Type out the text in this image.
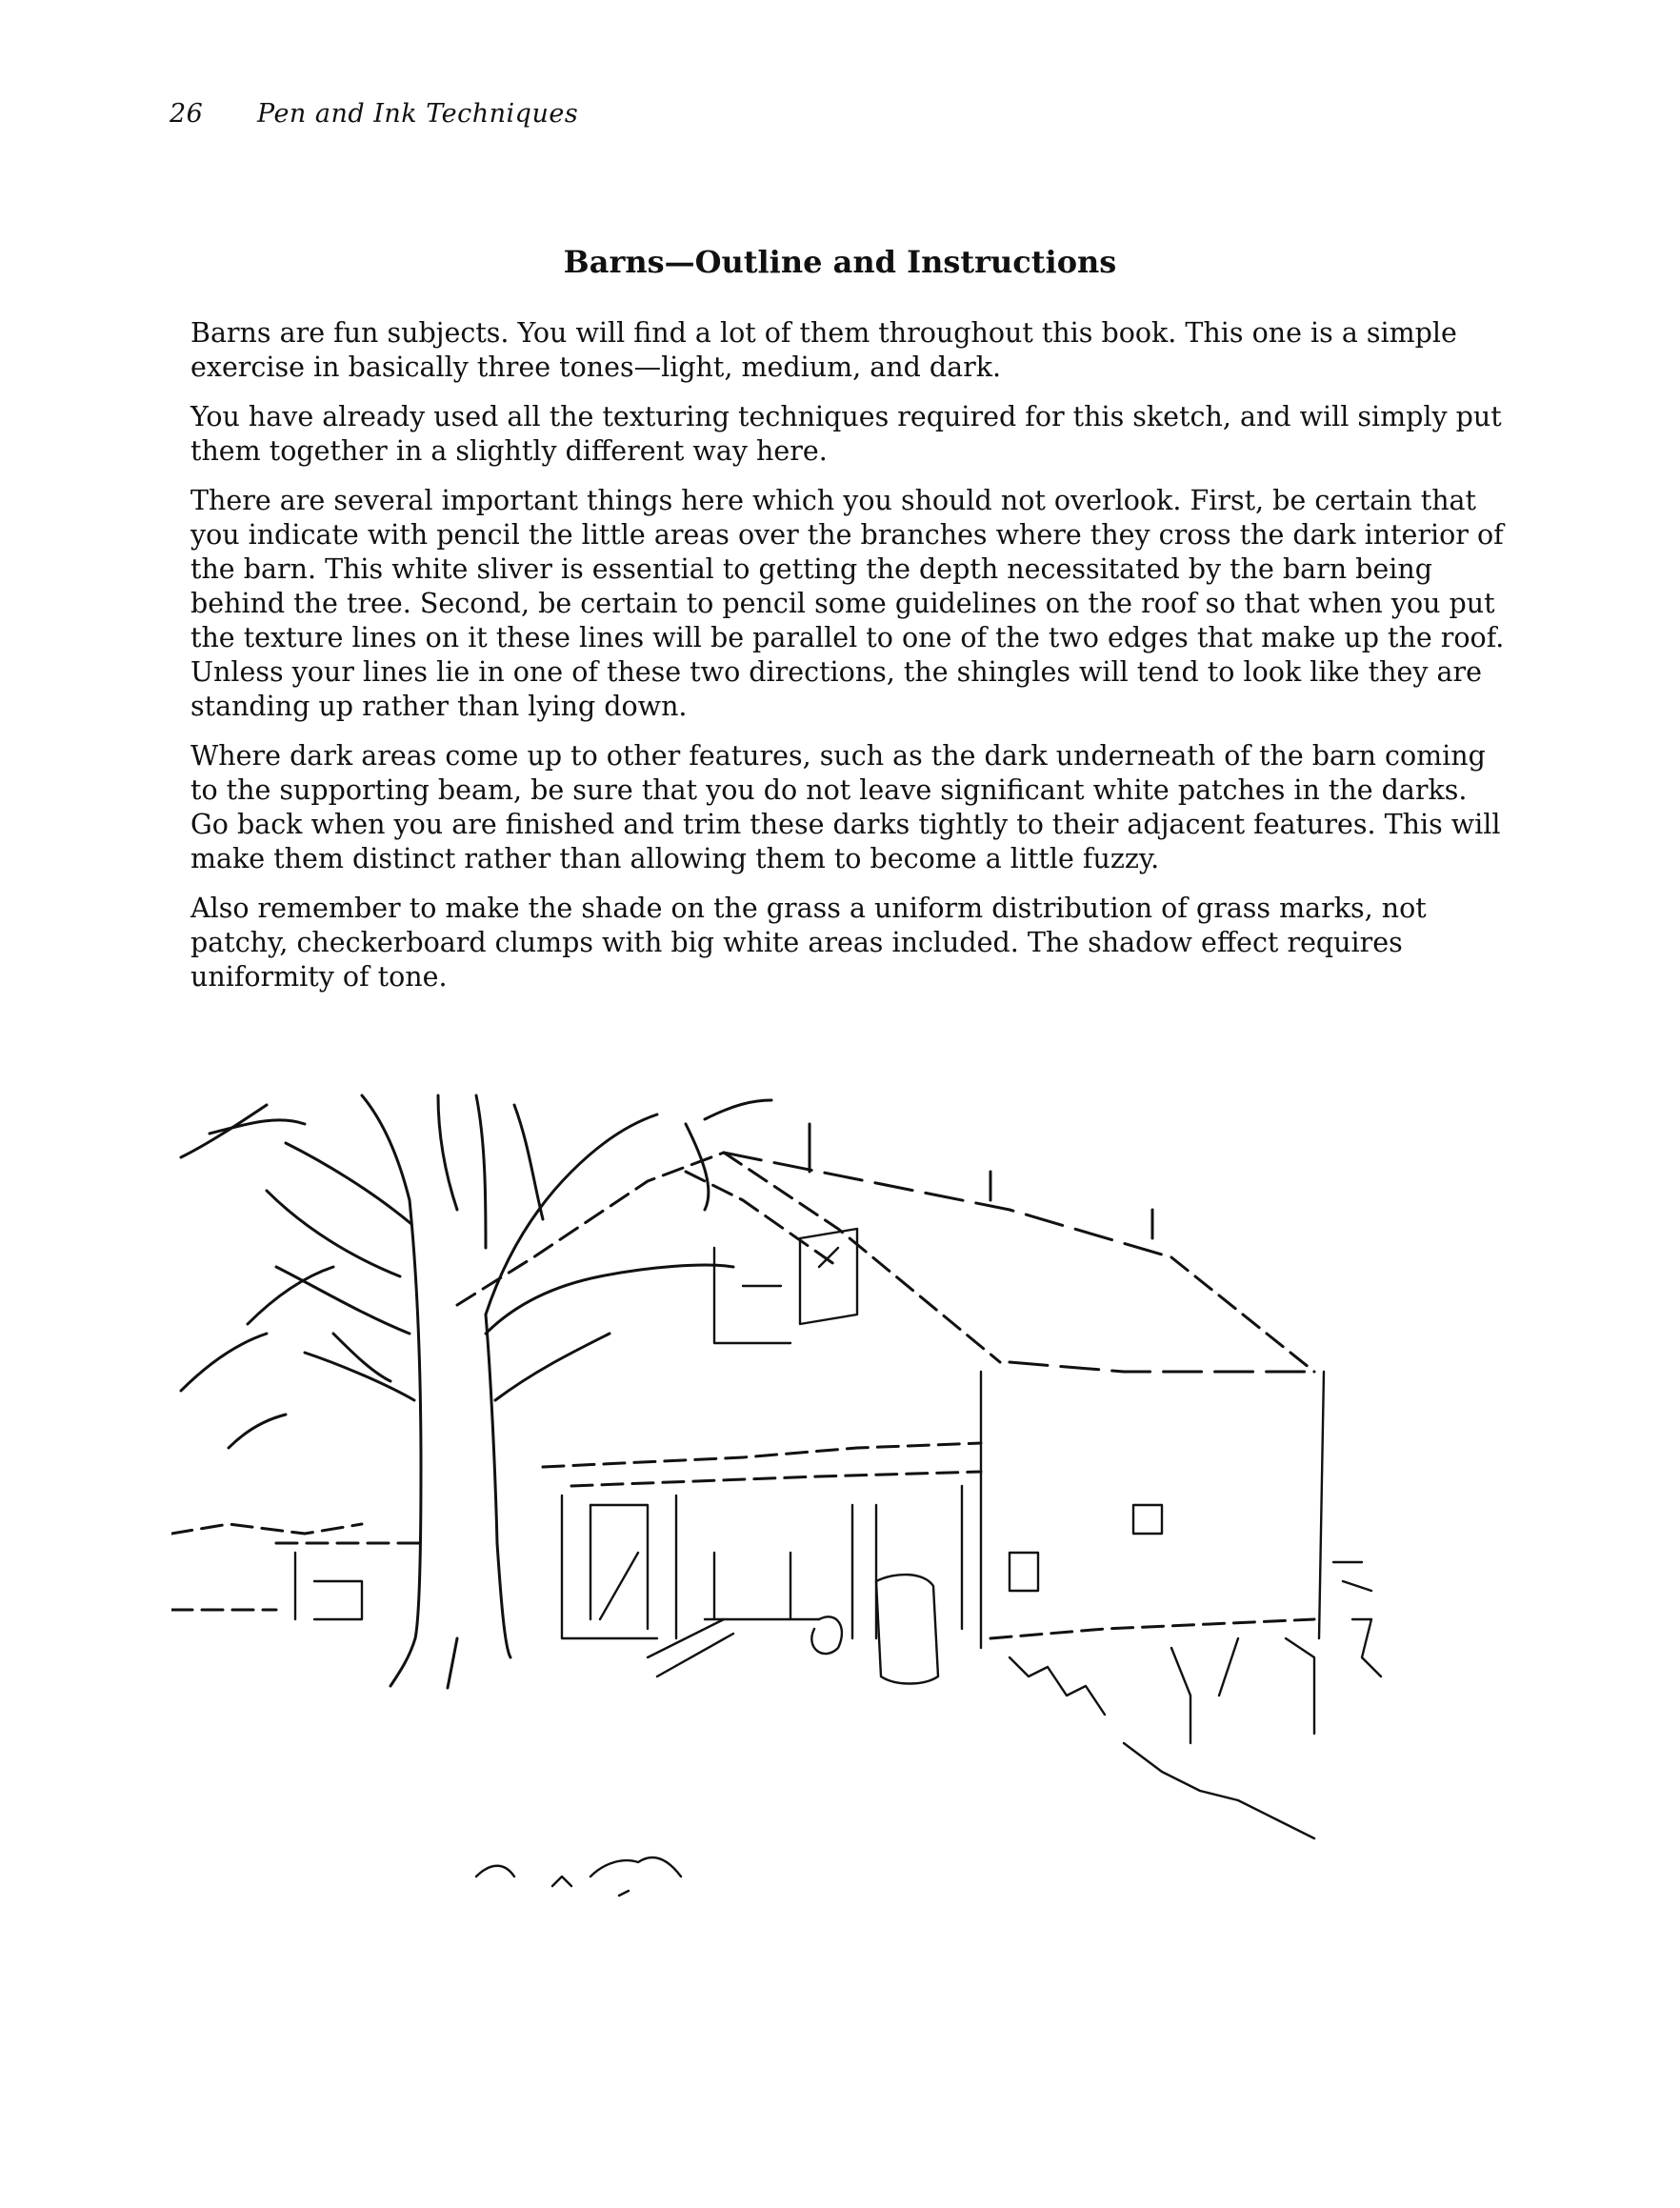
26 Pen and Ink Techniques
Barns—Outline and Instructions

Barns are fun subjects. You will find a lot of them throughout this book. This one is a simple exercise in basically three tones—light, medium, and dark.

You have already used all the texturing techniques required for this sketch, and will simply put them together in a slightly different way here.

There are several important things here which you should not overlook. First, be certain that you indicate with pencil the little areas over the branches where they cross the dark interior of the barn. This white sliver is essential to getting the depth necessitated by the barn being behind the tree. Second, be certain to pencil some guidelines on the roof so that when you put the texture lines on it these lines will be parallel to one of the two edges that make up the roof. Unless your lines lie in one of these two directions, the shingles will tend to look like they are standing up rather than lying down.

Where dark areas come up to other features, such as the dark underneath of the barn coming to the supporting beam, be sure that you do not leave significant white patches in the darks. Go back when you are finished and trim these darks tightly to their adjacent features. This will make them distinct rather than allowing them to become a little fuzzy.

Also remember to make the shade on the grass a uniform distribution of grass marks, not patchy, checkerboard clumps with big white areas included. The shadow effect requires uniformity of tone.
